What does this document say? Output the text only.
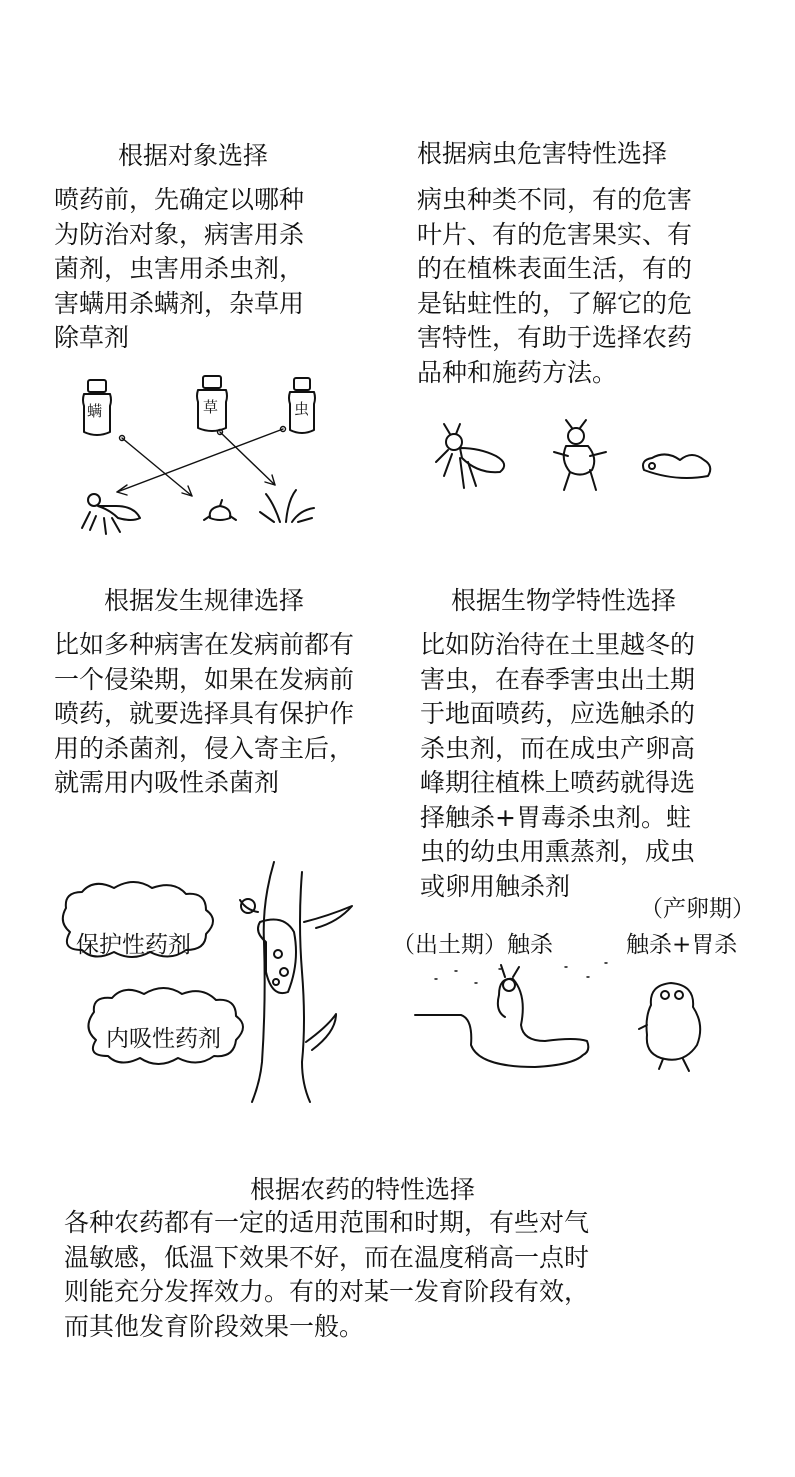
根据对象选择
喷药前，先确定以哪种
为防治对象，病害用杀
菌剂，虫害用杀虫剂，
害螨用杀螨剂，杂草用
除草剂
根据病虫危害特性选择
病虫种类不同，有的危害
叶片、有的危害果实、有
的在植株表面生活，有的
是钻蛀性的，了解它的危
害特性，有助于选择农药
品种和施药方法。
螨	草	虫
根据发生规律选择
比如多种病害在发病前都有
一个侵染期，如果在发病前
喷药，就要选择具有保护作
用的杀菌剂，侵入寄主后，
就需用内吸性杀菌剂
根据生物学特性选择
比如防治待在土里越冬的
害虫，在春季害虫出土期
于地面喷药，应选触杀的
杀虫剂，而在成虫产卵高
峰期往植株上喷药就得选
择触杀+胃毒杀虫剂。蛀
虫的幼虫用熏蒸剂，成虫
或卵用触杀剂
保护性药剂
内吸性药剂
（产卵期）
（出土期）触杀	触杀+胃杀
根据农药的特性选择
各种农药都有一定的适用范围和时期，有些对气
温敏感，低温下效果不好，而在温度稍高一点时
则能充分发挥效力。有的对某一发育阶段有效，
而其他发育阶段效果一般。
